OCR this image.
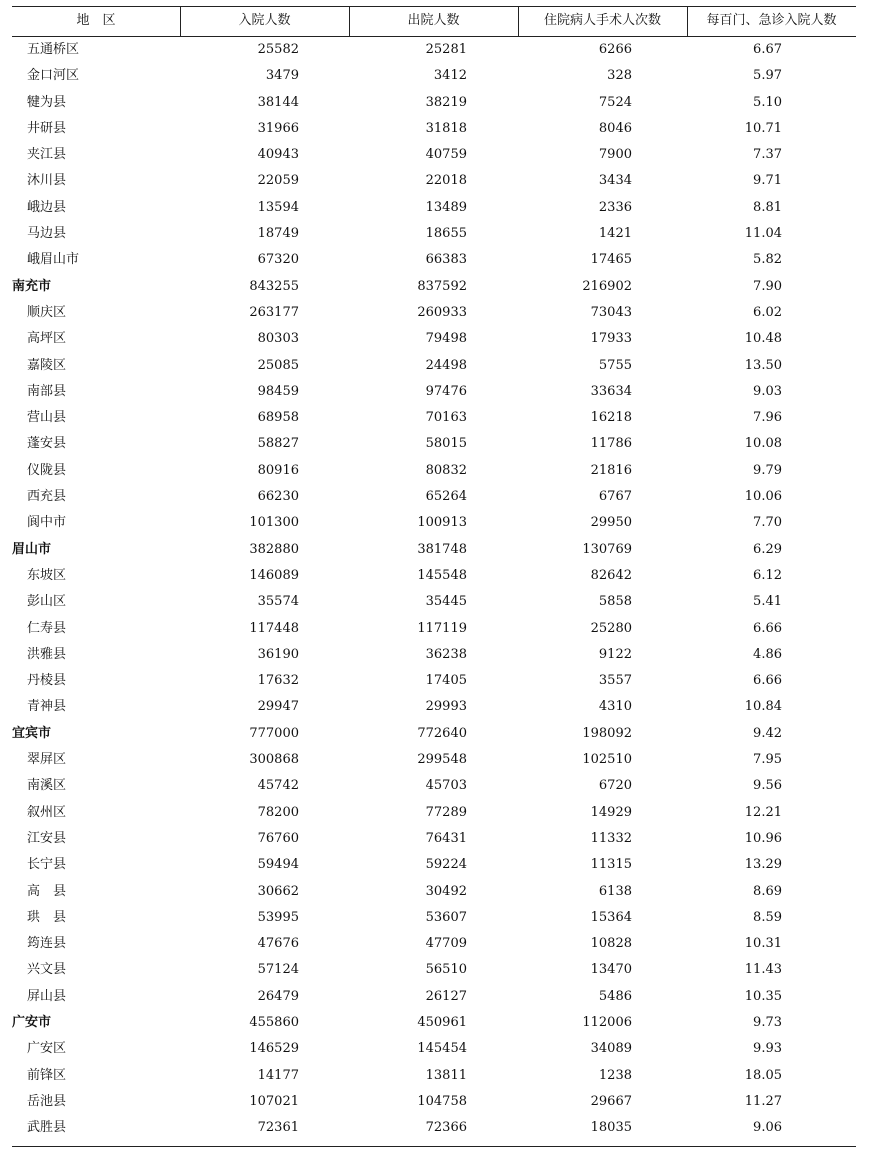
地　区	入院人数	出院人数	住院病人手术人次数	每百门、急诊入院人数
五通桥区	25582	25281	6266	6.67
金口河区	3479	3412	328	5.97
犍为县	38144	38219	7524	5.10
井研县	31966	31818	8046	10.71
夹江县	40943	40759	7900	7.37
沐川县	22059	22018	3434	9.71
峨边县	13594	13489	2336	8.81
马边县	18749	18655	1421	11.04
峨眉山市	67320	66383	17465	5.82
南充市	843255	837592	216902	7.90
顺庆区	263177	260933	73043	6.02
高坪区	80303	79498	17933	10.48
嘉陵区	25085	24498	5755	13.50
南部县	98459	97476	33634	9.03
营山县	68958	70163	16218	7.96
蓬安县	58827	58015	11786	10.08
仪陇县	80916	80832	21816	9.79
西充县	66230	65264	6767	10.06
阆中市	101300	100913	29950	7.70
眉山市	382880	381748	130769	6.29
东坡区	146089	145548	82642	6.12
彭山区	35574	35445	5858	5.41
仁寿县	117448	117119	25280	6.66
洪雅县	36190	36238	9122	4.86
丹棱县	17632	17405	3557	6.66
青神县	29947	29993	4310	10.84
宜宾市	777000	772640	198092	9.42
翠屏区	300868	299548	102510	7.95
南溪区	45742	45703	6720	9.56
叙州区	78200	77289	14929	12.21
江安县	76760	76431	11332	10.96
长宁县	59494	59224	11315	13.29
高　县	30662	30492	6138	8.69
珙　县	53995	53607	15364	8.59
筠连县	47676	47709	10828	10.31
兴文县	57124	56510	13470	11.43
屏山县	26479	26127	5486	10.35
广安市	455860	450961	112006	9.73
广安区	146529	145454	34089	9.93
前锋区	14177	13811	1238	18.05
岳池县	107021	104758	29667	11.27
武胜县	72361	72366	18035	9.06
